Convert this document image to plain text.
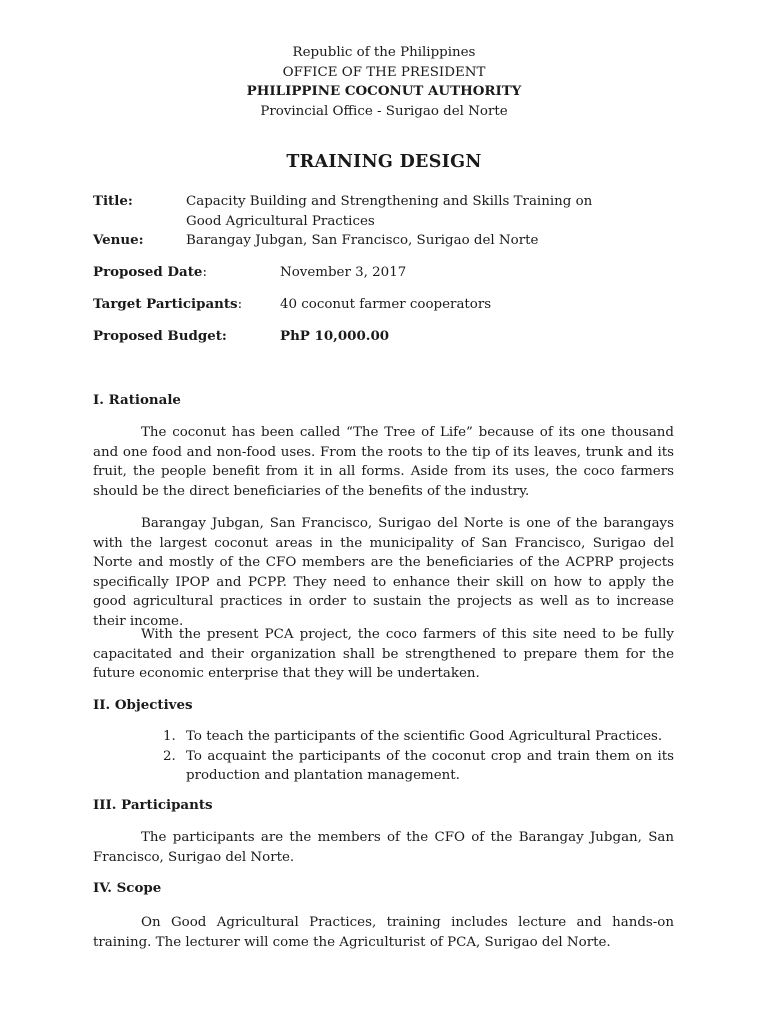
Republic of the Philippines
OFFICE OF THE PRESIDENT
PHILIPPINE COCONUT AUTHORITY
Provincial Office - Surigao del Norte
TRAINING DESIGN
Title:	Capacity Building and Strengthening and Skills Training on Good Agricultural Practices
Venue:	Barangay Jubgan, San Francisco, Surigao del Norte
Proposed Date:	November 3, 2017
Target Participants:	40 coconut farmer cooperators
Proposed Budget:	PhP 10,000.00
I. Rationale

The coconut has been called “The Tree of Life” because of its one thousand and one food and non-food uses. From the roots to the tip of its leaves, trunk and its fruit, the people benefit from it in all forms. Aside from its uses, the coco farmers should be the direct beneficiaries of the benefits of the industry.

Barangay Jubgan, San Francisco, Surigao del Norte is one of the barangays with the largest coconut areas in the municipality of San Francisco, Surigao del Norte and mostly of the CFO members are the beneficiaries of the ACPRP projects specifically IPOP and PCPP. They need to enhance their skill on how to apply the good agricultural practices in order to sustain the projects as well as to increase their income.

With the present PCA project, the coco farmers of this site need to be fully capacitated and their organization shall be strengthened to prepare them for the future economic enterprise that they will be undertaken.

II. Objectives
1. To teach the participants of the scientific Good Agricultural Practices.
2. To acquaint the participants of the coconut crop and train them on its production and plantation management.
III. Participants

The participants are the members of the CFO of the Barangay Jubgan, San Francisco, Surigao del Norte.

IV. Scope

On Good Agricultural Practices, training includes lecture and hands-on training. The lecturer will come the Agriculturist of PCA, Surigao del Norte.
